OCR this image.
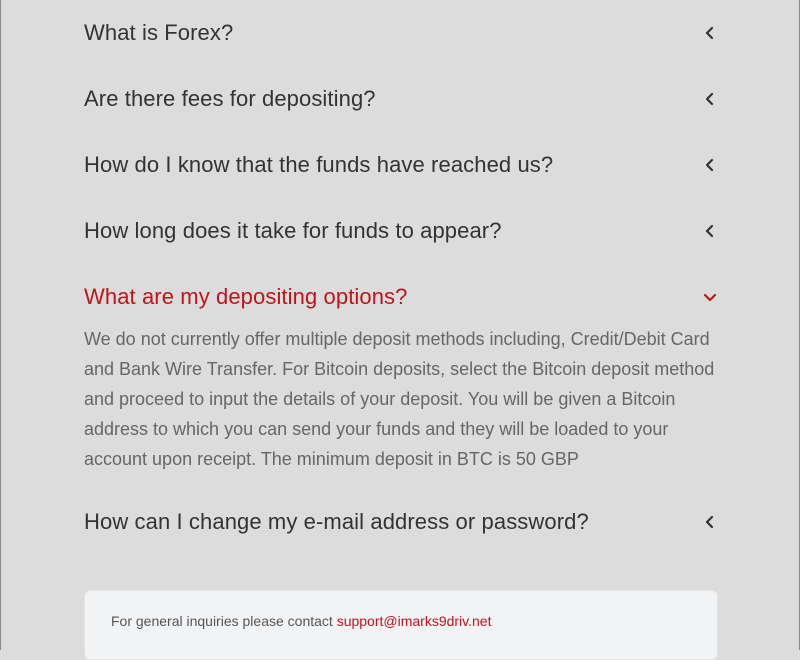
What is Forex?
Are there fees for depositing?
How do I know that the funds have reached us?
How long does it take for funds to appear?
What are my depositing options?
We do not currently offer multiple deposit methods including, Credit/Debit Card and Bank Wire Transfer. For Bitcoin deposits, select the Bitcoin deposit method and proceed to input the details of your deposit. You will be given a Bitcoin address to which you can send your funds and they will be loaded to your account upon receipt. The minimum deposit in BTC is 50 GBP
How can I change my e-mail address or password?
For general inquiries please contact support@imarks9driv.net
